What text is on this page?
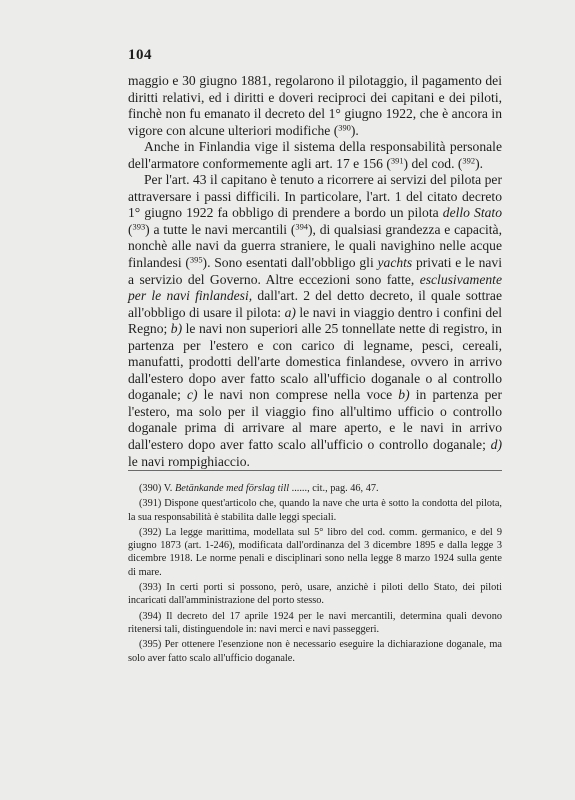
104

maggio e 30 giugno 1881, regolarono il pilotaggio, il pagamento dei diritti relativi, ed i diritti e doveri reciproci dei capitani e dei piloti, finchè non fu emanato il decreto del 1° giugno 1922, che è ancora in vigore con alcune ulteriori modifiche ($^{390}$).

Anche in Finlandia vige il sistema della responsabilità personale dell'armatore conformemente agli art. 17 e 156 ($^{391}$) del cod. ($^{392}$).

Per l'art. 43 il capitano è tenuto a ricorrere ai servizi del pilota per attraversare i passi difficili. In particolare, l'art. 1 del citato decreto 1° giugno 1922 fa obbligo di prendere a bordo un pilota dello Stato ($^{393}$) a tutte le navi mercantili ($^{394}$), di qualsiasi grandezza e capacità, nonchè alle navi da guerra straniere, le quali navighino nelle acque finlandesi ($^{395}$). Sono esentati dall'obbligo gli yachts privati e le navi a servizio del Governo. Altre eccezioni sono fatte, esclusivamente per le navi finlandesi, dall'art. 2 del detto decreto, il quale sottrae all'obbligo di usare il pilota: a) le navi in viaggio dentro i confini del Regno; b) le navi non superiori alle 25 tonnellate nette di registro, in partenza per l'estero e con carico di legname, pesci, cereali, manufatti, prodotti dell'arte domestica finlandese, ovvero in arrivo dall'estero dopo aver fatto scalo all'ufficio doganale o al controllo doganale; c) le navi non comprese nella voce b) in partenza per l'estero, ma solo per il viaggio fino all'ultimo ufficio o controllo doganale prima di arrivare al mare aperto, e le navi in arrivo dall'estero dopo aver fatto scalo all'ufficio o controllo doganale; d) le navi rompighiaccio.

(390) V. Betänkande med förslag till ......, cit., pag. 46, 47.

(391) Dispone quest'articolo che, quando la nave che urta è sotto la condotta del pilota, la sua responsabilità è stabilita dalle leggi speciali.

(392) La legge marittima, modellata sul 5° libro del cod. comm. germanico, e del 9 giugno 1873 (art. 1-246), modificata dall'ordinanza del 3 dicembre 1895 e dalla legge 3 dicembre 1918. Le norme penali e disciplinari sono nella legge 8 marzo 1924 sulla gente di mare.

(393) In certi porti si possono, però, usare, anzichè i piloti dello Stato, dei piloti incaricati dall'amministrazione del porto stesso.

(394) Il decreto del 17 aprile 1924 per le navi mercantili, determina quali devono ritenersi tali, distinguendole in: navi merci e navi passeggeri.

(395) Per ottenere l'esenzione non è necessario eseguire la dichiarazione doganale, ma solo aver fatto scalo all'ufficio doganale.
